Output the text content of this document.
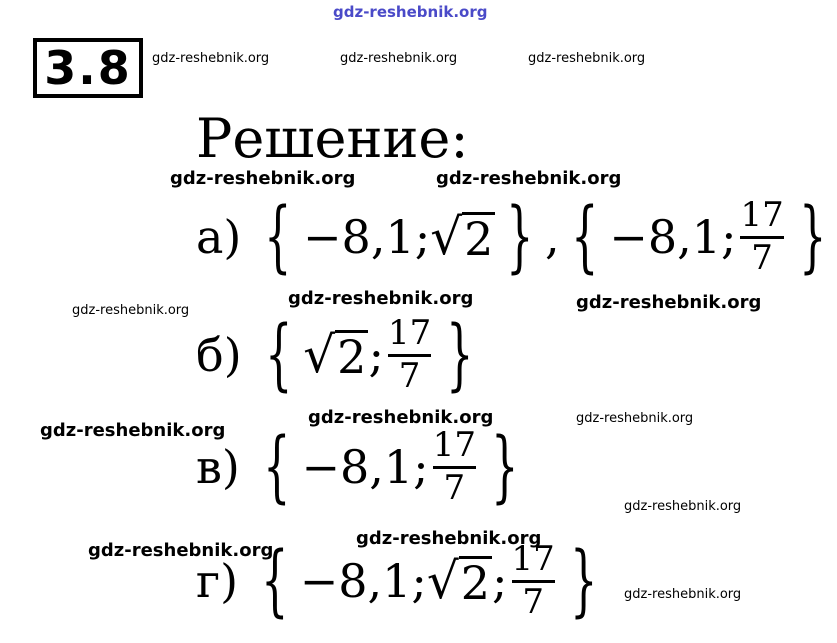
gdz-reshebnik.org
gdz-reshebnik.org	gdz-reshebnik.org	gdz-reshebnik.org
gdz-reshebnik.org	gdz-reshebnik.org
gdz-reshebnik.org
gdz-reshebnik.org	gdz-reshebnik.org
gdz-reshebnik.org	gdz-reshebnik.org
gdz-reshebnik.org
gdz-reshebnik.org
gdz-reshebnik.org
gdz-reshebnik.org
gdz-reshebnik.org
3.8
Решение:
а) { −8,1; √ 2 } , { −8,1; $\frac{17}{7}$ }
б) { √ 2 ; $\frac{17}{7}$ }
в) { −8,1; $\frac{17}{7}$ }
г) { −8,1; √ 2 ; $\frac{17}{7}$ }
